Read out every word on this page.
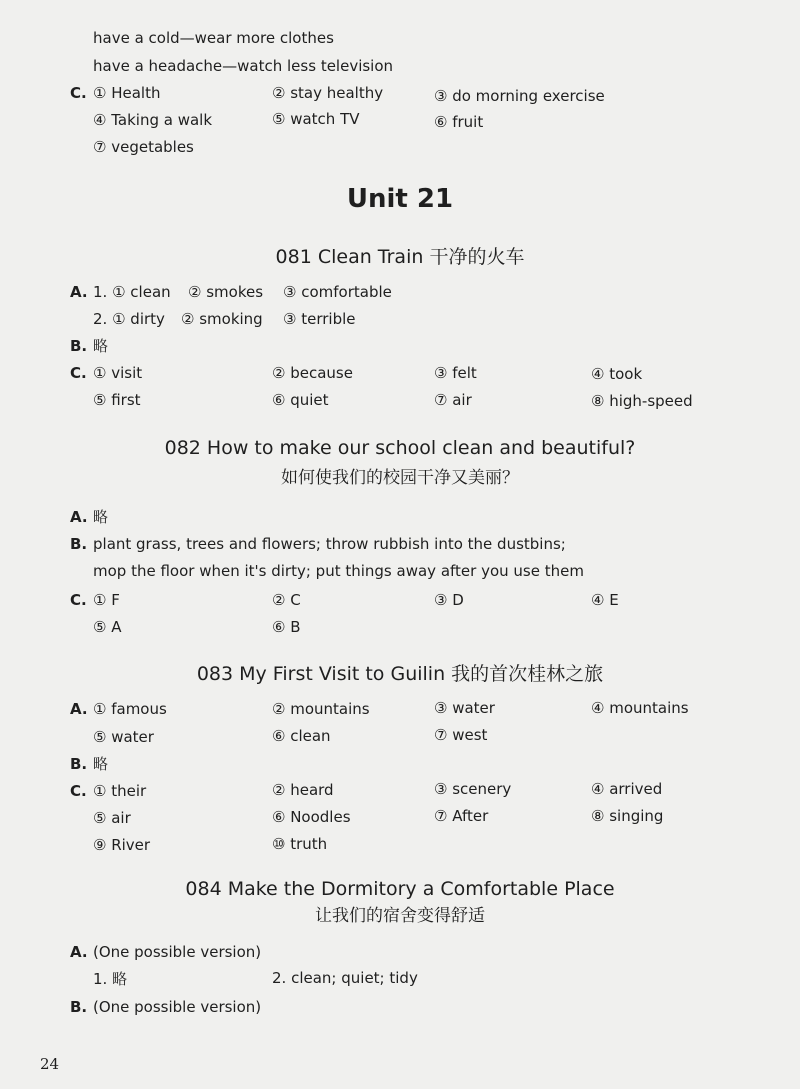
have a cold—wear more clothes
have a headache—watch less television
C. ① Health	② stay healthy	③ do morning exercise
④ Taking a walk	⑤ watch TV	⑥ fruit
⑦ vegetables
Unit 21
081 Clean Train 干净的火车
A. 1. ① clean ② smokes ③ comfortable
2. ① dirty ② smoking ③ terrible
B. 略
C. ① visit	② because	③ felt	④ took
⑤ first	⑥ quiet	⑦ air	⑧ high-speed
082 How to make our school clean and beautiful?
如何使我们的校园干净又美丽？
A. 略
B. plant grass, trees and flowers; throw rubbish into the dustbins;
mop the floor when it's dirty; put things away after you use them
C. ① F	② C	③ D	④ E
⑤ A	⑥ B
083 My First Visit to Guilin 我的首次桂林之旅
A. ① famous	② mountains	③ water	④ mountains
⑤ water	⑥ clean	⑦ west
B. 略
C. ① their	② heard	③ scenery	④ arrived
⑤ air	⑥ Noodles	⑦ After	⑧ singing
⑨ River	⑩ truth
084 Make the Dormitory a Comfortable Place
让我们的宿舍变得舒适
A. (One possible version)
1. 略	2. clean; quiet; tidy
B. (One possible version)
24
